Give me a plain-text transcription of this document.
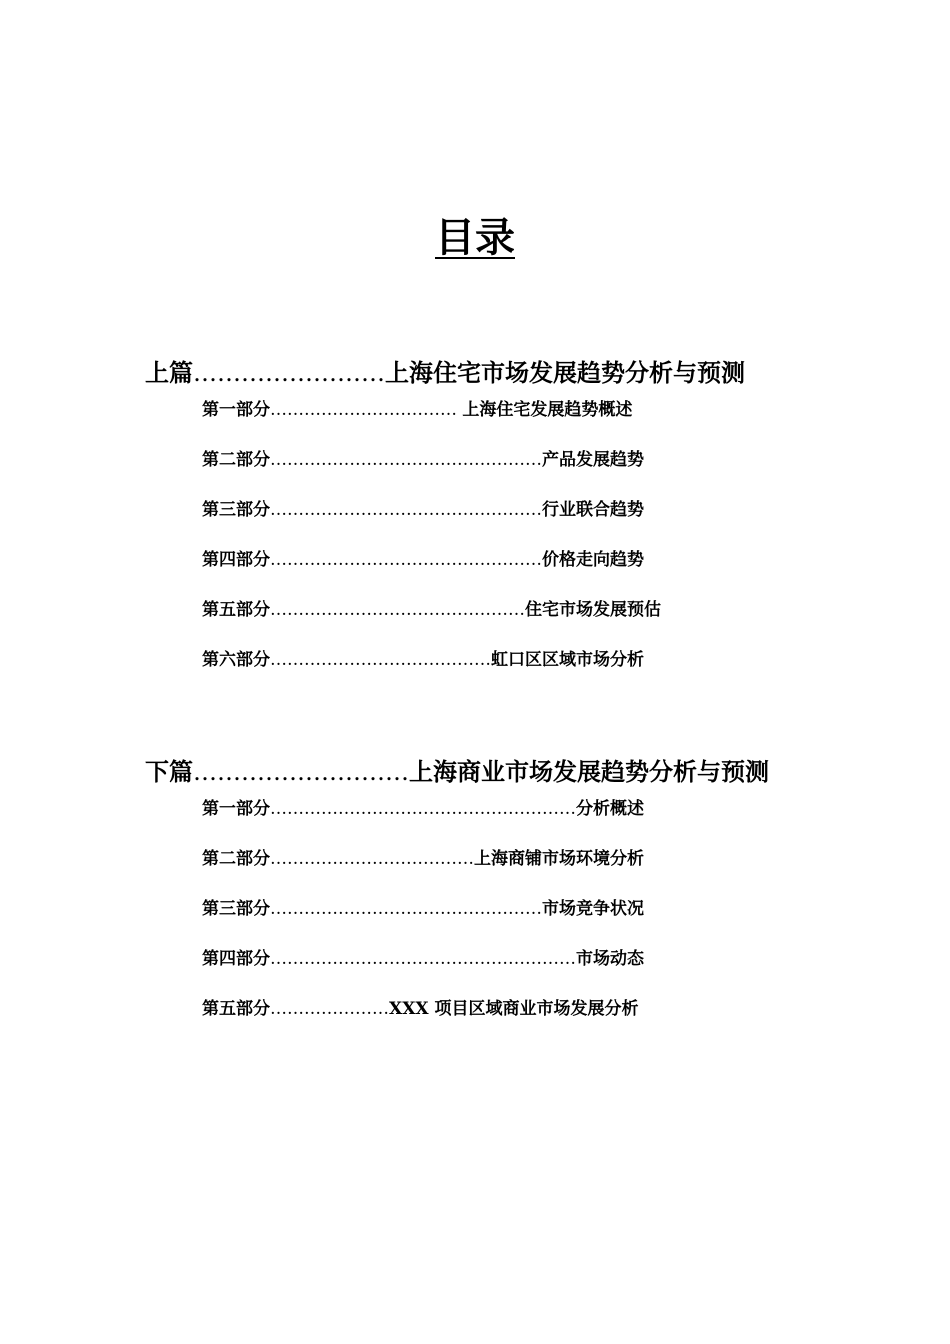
目录
上篇……………………上海住宅市场发展趋势分析与预测
第一部分…………………………… 上海住宅发展趋势概述
第二部分…………………………………………产品发展趋势
第三部分…………………………………………行业联合趋势
第四部分…………………………………………价格走向趋势
第五部分………………………………………住宅市场发展预估
第六部分…………………………………虹口区区域市场分析
下篇………………………上海商业市场发展趋势分析与预测
第一部分………………………………………………分析概述
第二部分………………………………上海商铺市场环境分析
第三部分…………………………………………市场竞争状况
第四部分………………………………………………市场动态
第五部分…………………XXX 项目区域商业市场发展分析
